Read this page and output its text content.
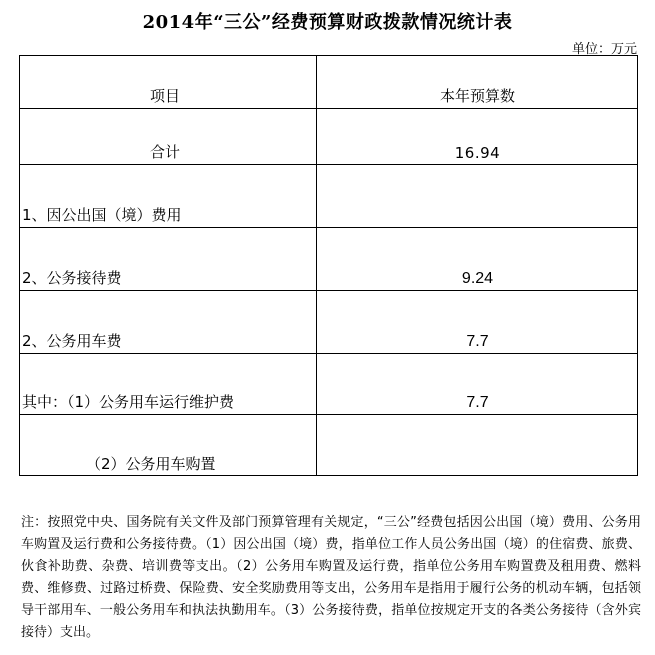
2014年“三公”经费预算财政拨款情况统计表
单位：万元
项目	本年预算数
合计	16.94
1、因公出国（境）费用
2、公务接待费	9.24
2、公务用车费	7.7
其中：（1）公务用车运行维护费	7.7
（2）公务用车购置
注：按照党中央、国务院有关文件及部门预算管理有关规定，“三公”经费包括因公出国（境）费用、公务用车购置及运行费和公务接待费。（1）因公出国（境）费，指单位工作人员公务出国（境）的住宿费、旅费、伙食补助费、杂费、培训费等支出。（2）公务用车购置及运行费，指单位公务用车购置费及租用费、燃料费、维修费、过路过桥费、保险费、安全奖励费用等支出，公务用车是指用于履行公务的机动车辆，包括领导干部用车、一般公务用车和执法执勤用车。（3）公务接待费，指单位按规定开支的各类公务接待（含外宾接待）支出。
